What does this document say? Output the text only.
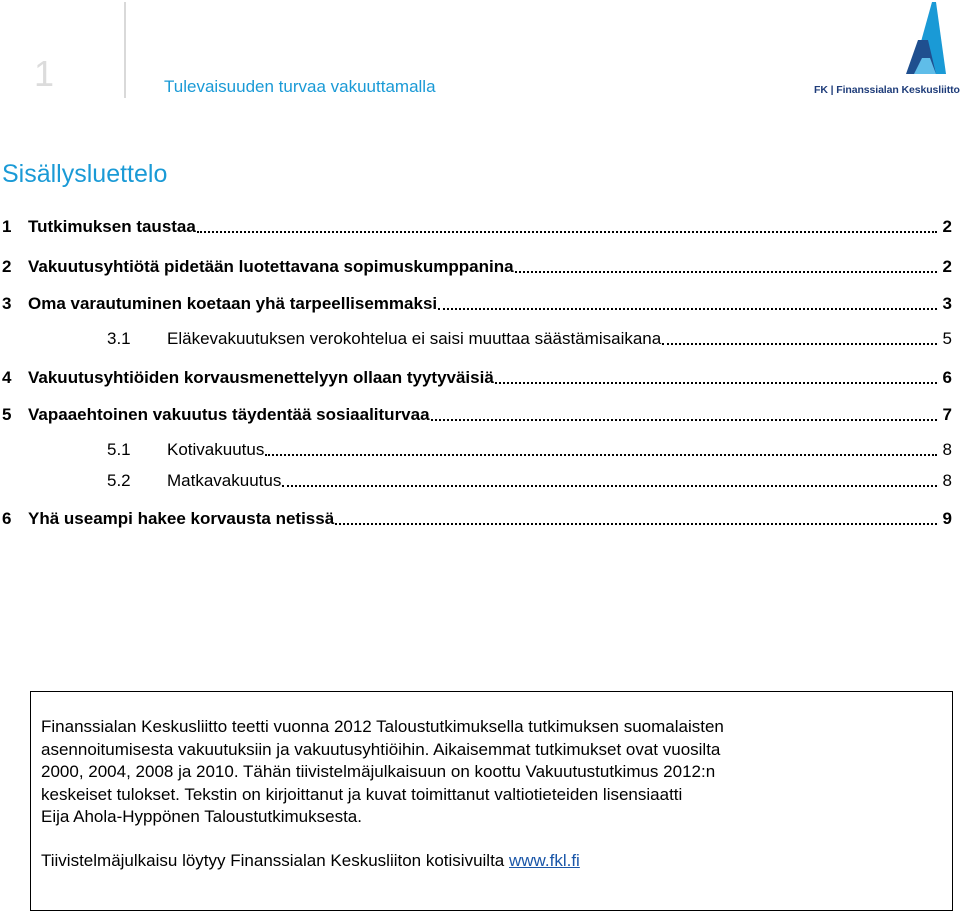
1	Tulevaisuuden turvaa vakuuttamalla	FK | Finanssialan Keskusliitto
Sisällysluettelo
1 Tutkimuksen taustaa	2
2 Vakuutusyhtiötä pidetään luotettavana sopimuskumppanina	2
3 Oma varautuminen koetaan yhä tarpeellisemmaksi	3
3.1	Eläkevakuutuksen verokohtelua ei saisi muuttaa säästämisaikana	5
4 Vakuutusyhtiöiden korvausmenettelyyn ollaan tyytyväisiä	6
5 Vapaaehtoinen vakuutus täydentää sosiaaliturvaa	7
5.1	Kotivakuutus	8
5.2	Matkavakuutus	8
6 Yhä useampi hakee korvausta netissä	9

Finanssialan Keskusliitto teetti vuonna 2012 Taloustutkimuksella tutkimuksen suomalaisten
asennoitumisesta vakuutuksiin ja vakuutusyhtiöihin. Aikaisemmat tutkimukset ovat vuosilta
2000, 2004, 2008 ja 2010. Tähän tiivistelmäjulkaisuun on koottu Vakuutustutkimus 2012:n
keskeiset tulokset. Tekstin on kirjoittanut ja kuvat toimittanut valtiotieteiden lisensiaatti
Eija Ahola-Hyppönen Taloustutkimuksesta.

Tiivistelmäjulkaisu löytyy Finanssialan Keskusliiton kotisivuilta www.fkl.fi
